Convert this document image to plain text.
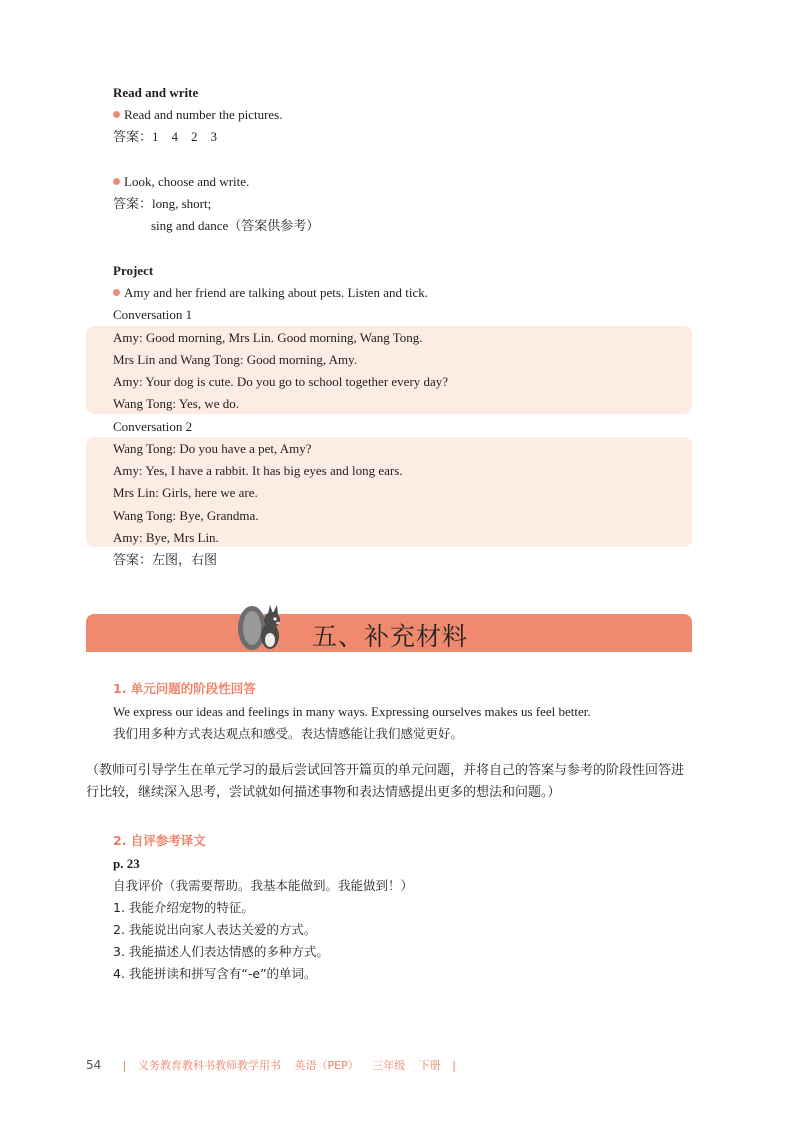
Read and write
Read and number the pictures.
答案：1　4　2　3
Look, choose and write.
答案：long, short;
sing and dance（答案供参考）
Project
Amy and her friend are talking about pets. Listen and tick.
Conversation 1
Amy: Good morning, Mrs Lin. Good morning, Wang Tong.
Mrs Lin and Wang Tong: Good morning, Amy.
Amy: Your dog is cute. Do you go to school together every day?
Wang Tong: Yes, we do.
Conversation 2
Wang Tong: Do you have a pet, Amy?
Amy: Yes, I have a rabbit. It has big eyes and long ears.
Mrs Lin: Girls, here we are.
Wang Tong: Bye, Grandma.
Amy: Bye, Mrs Lin.
答案：左图，右图
五、补充材料
1. 单元问题的阶段性回答
We express our ideas and feelings in many ways. Expressing ourselves makes us feel better.
我们用多种方式表达观点和感受。表达情感能让我们感觉更好。
（教师可引导学生在单元学习的最后尝试回答开篇页的单元问题，并将自己的答案与参考的阶段性回答进行比较，继续深入思考，尝试就如何描述事物和表达情感提出更多的想法和问题。）
2. 自评参考译文
p. 23
自我评价（我需要帮助。我基本能做到。我能做到！）
1. 我能介绍宠物的特征。
2. 我能说出向家人表达关爱的方式。
3. 我能描述人们表达情感的多种方式。
4. 我能拼读和拼写含有“-e”的单词。
54 | 义务教育教科书教师教学用书 英语（PEP） 三年级 下册 |
